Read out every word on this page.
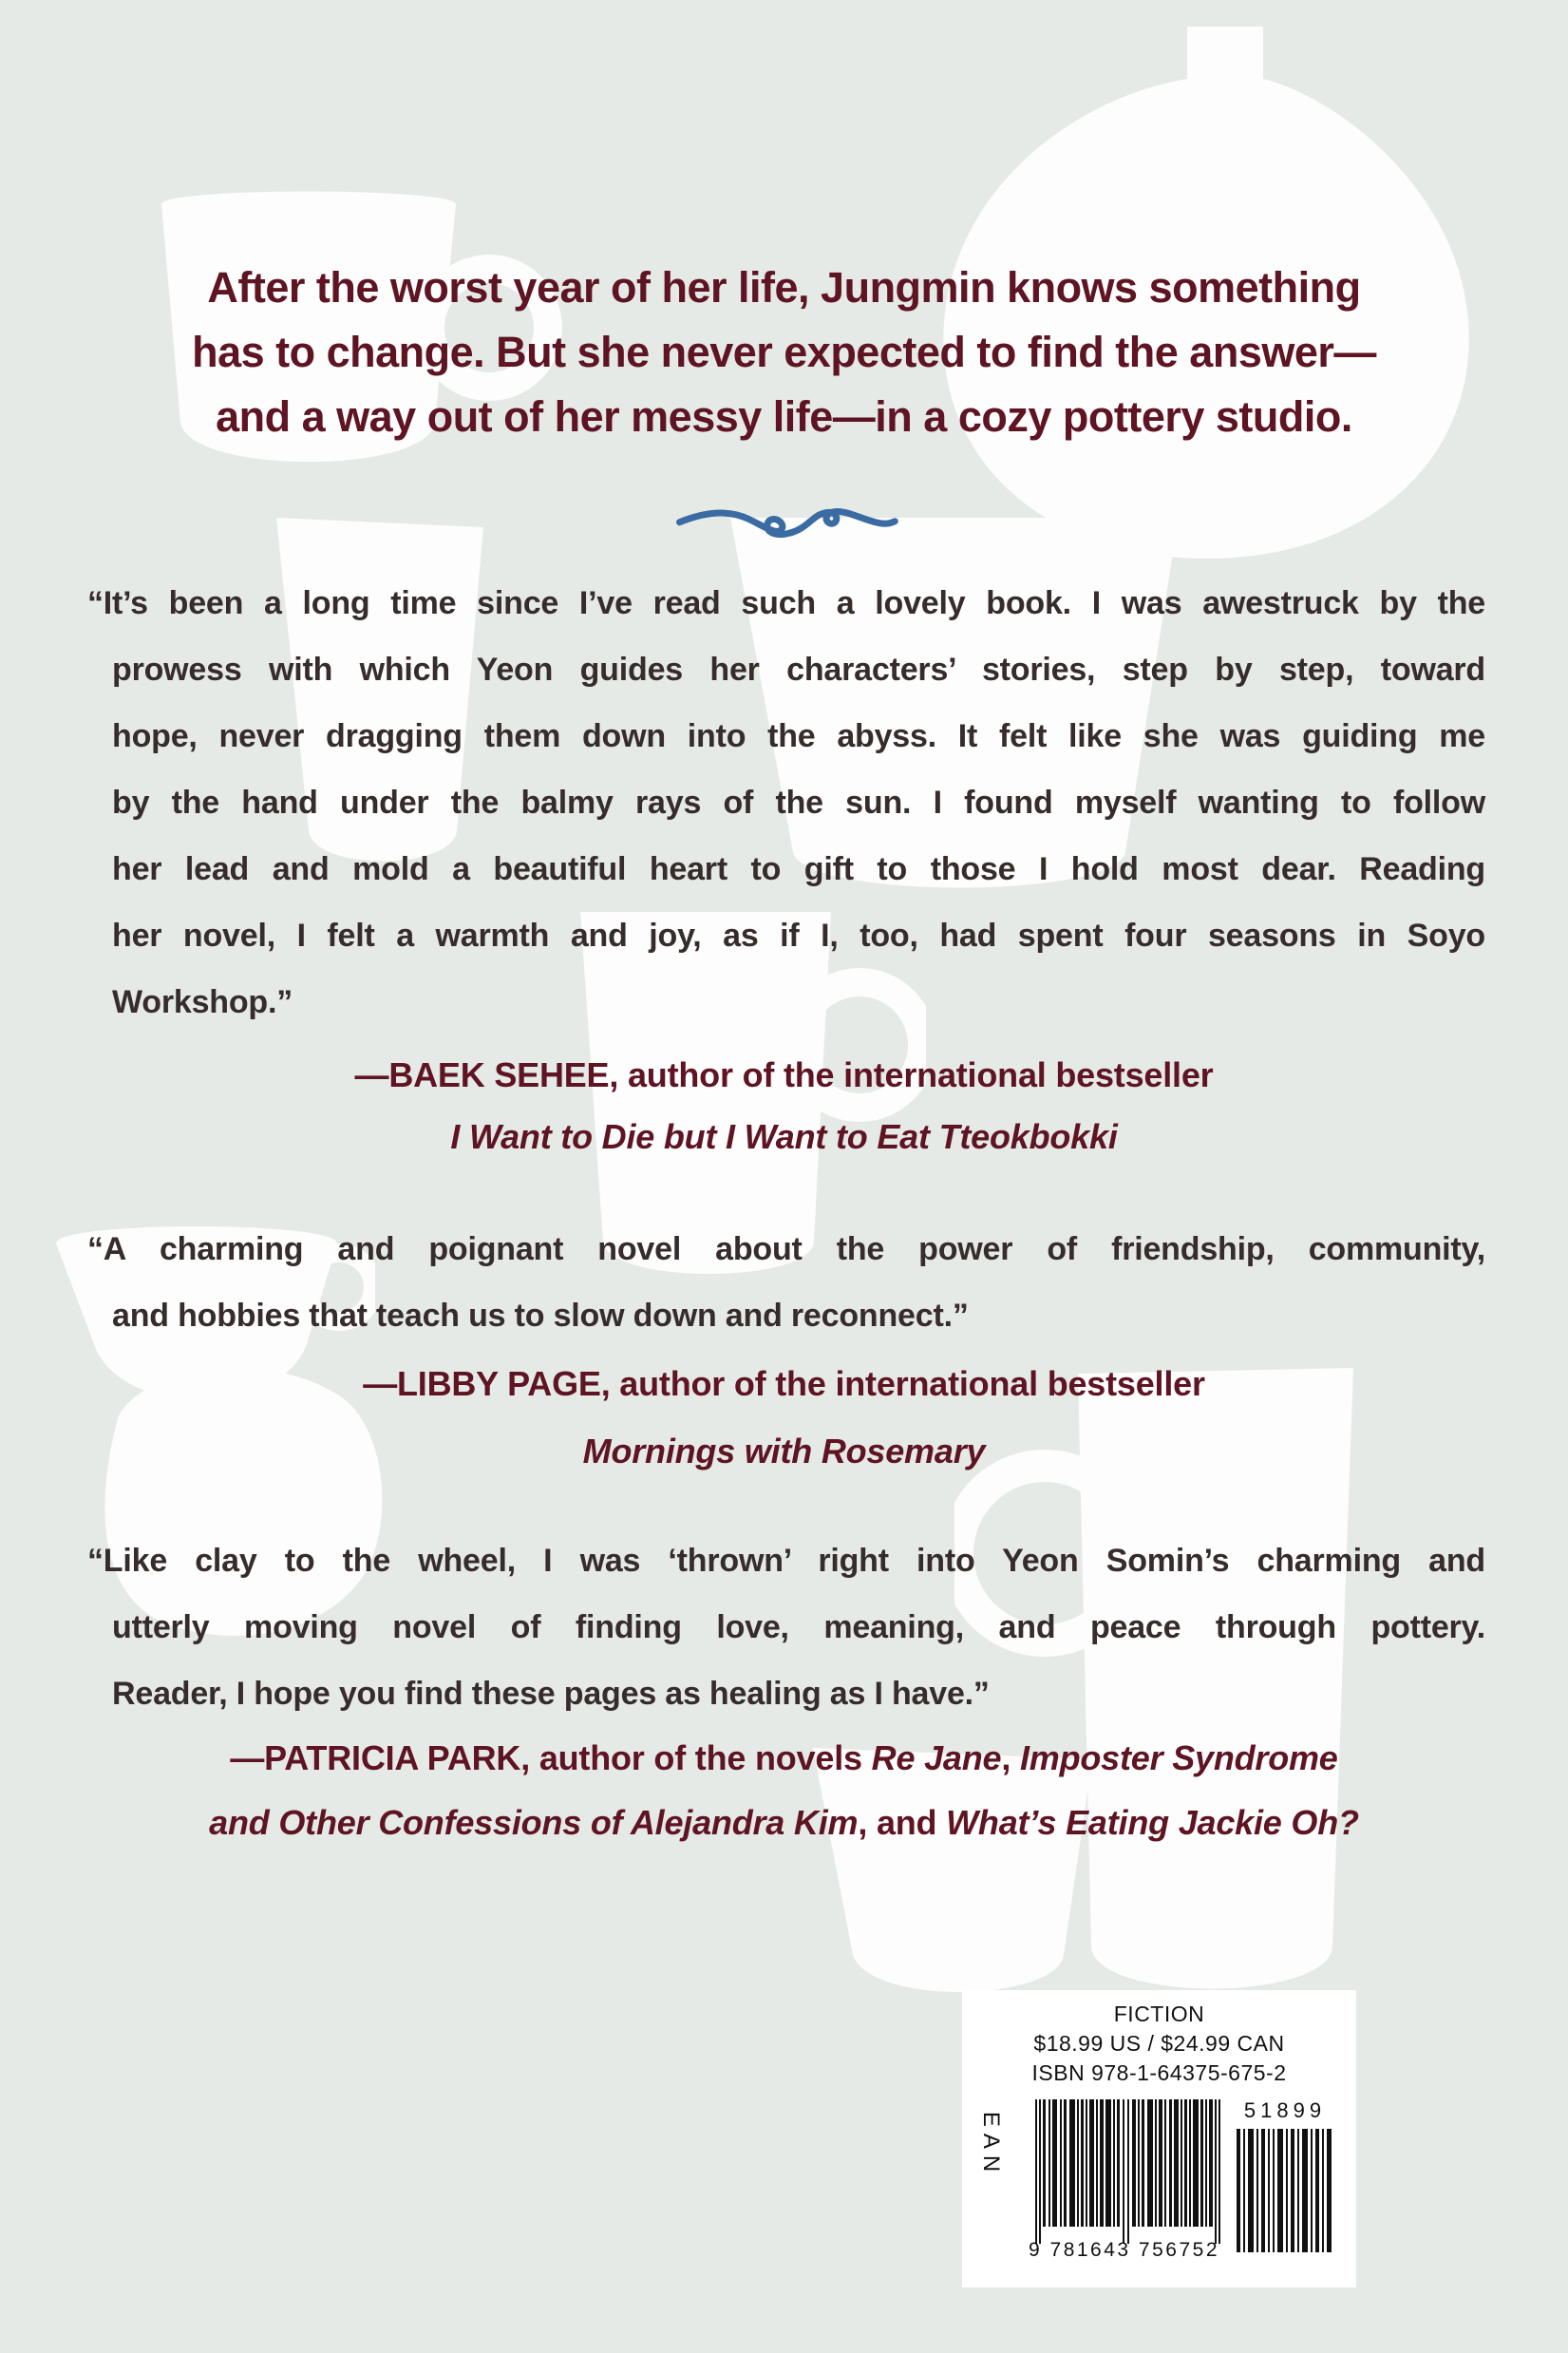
After the worst year of her life, Jungmin knows something
has to change. But she never expected to find the answer—
and a way out of her messy life—in a cozy pottery studio.
“It’s been a long time since I’ve read such a lovely book. I was awestruck by the
prowess with which Yeon guides her characters’ stories, step by step, toward
hope, never dragging them down into the abyss. It felt like she was guiding me
by the hand under the balmy rays of the sun. I found myself wanting to follow
her lead and mold a beautiful heart to gift to those I hold most dear. Reading
her novel, I felt a warmth and joy, as if I, too, had spent four seasons in Soyo
Workshop.”
—BAEK SEHEE, author of the international bestseller
I Want to Die but I Want to Eat Tteokbokki
“A charming and poignant novel about the power of friendship, community,
and hobbies that teach us to slow down and reconnect.”
—LIBBY PAGE, author of the international bestseller
Mornings with Rosemary
“Like clay to the wheel, I was ‘thrown’ right into Yeon Somin’s charming and
utterly moving novel of finding love, meaning, and peace through pottery.
Reader, I hope you find these pages as healing as I have.”
—PATRICIA PARK, author of the novels Re Jane, Imposter Syndrome
and Other Confessions of Alejandra Kim, and What’s Eating Jackie Oh?
FICTION
$18.99 US / $24.99 CAN
ISBN 978-1-64375-675-2
EAN
9 781643 756752
51899
